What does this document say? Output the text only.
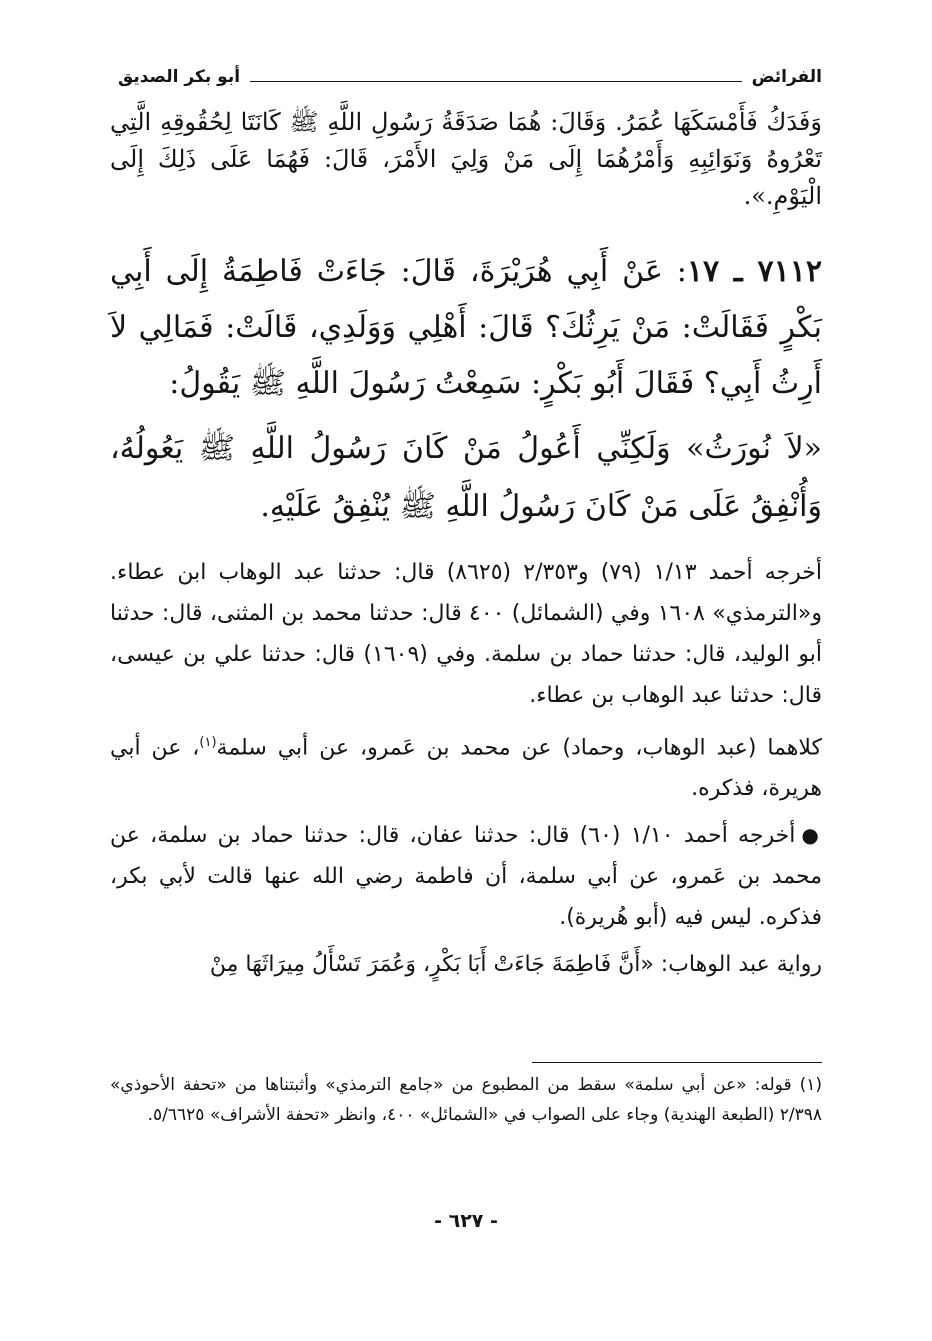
الفرائض
أبو بكر الصديق

وَفَدَكُ فَأَمْسَكَهَا عُمَرُ. وَقَالَ: هُمَا صَدَقَةُ رَسُولِ اللَّهِ ﷺ كَانَتَا لِحُقُوقِهِ الَّتِي تَعْرُوهُ وَنَوَائِبِهِ وَأَمْرُهُمَا إِلَى مَنْ وَلِيَ الأَمْرَ، قَالَ: فَهُمَا عَلَى ذَلِكَ إِلَى الْيَوْمِ.».

٧١١٢ ـ ١٧: عَنْ أَبِي هُرَيْرَةَ، قَالَ: جَاءَتْ فَاطِمَةُ إِلَى أَبِي بَكْرٍ فَقَالَتْ: مَنْ يَرِثُكَ؟ قَالَ: أَهْلِي وَوَلَدِي، قَالَتْ: فَمَالِي لاَ أَرِثُ أَبِي؟ فَقَالَ أَبُو بَكْرٍ: سَمِعْتُ رَسُولَ اللَّهِ ﷺ يَقُولُ:

«لاَ نُورَثُ» وَلَكِنِّي أَعُولُ مَنْ كَانَ رَسُولُ اللَّهِ ﷺ يَعُولُهُ، وَأُنْفِقُ عَلَى مَنْ كَانَ رَسُولُ اللَّهِ ﷺ يُنْفِقُ عَلَيْهِ.

أخرجه أحمد ١/١٣ (٧٩) و٢/٣٥٣ (٨٦٢٥) قال: حدثنا عبد الوهاب ابن عطاء. و«الترمذي» ١٦٠٨ وفي (الشمائل) ٤٠٠ قال: حدثنا محمد بن المثنى، قال: حدثنا أبو الوليد، قال: حدثنا حماد بن سلمة. وفي (١٦٠٩) قال: حدثنا علي بن عيسى، قال: حدثنا عبد الوهاب بن عطاء.

كلاهما (عبد الوهاب، وحماد) عن محمد بن عَمرو، عن أبي سلمة$^{(١)}$، عن أبي هريرة، فذكره.

●أخرجه أحمد ١/١٠ (٦٠) قال: حدثنا عفان، قال: حدثنا حماد بن سلمة، عن محمد بن عَمرو، عن أبي سلمة، أن فاطمة رضي الله عنها قالت لأبي بكر، فذكره. ليس فيه (أبو هُريرة).

رواية عبد الوهاب: «أَنَّ فَاطِمَةَ جَاءَتْ أَبَا بَكْرٍ، وَعُمَرَ تَسْأَلُ مِيرَاثَهَا مِنْ

(١) قوله: «عن أبي سلمة» سقط من المطبوع من «جامع الترمذي» وأثبتناها من «تحفة الأحوذي» ٢/٣٩٨ (الطبعة الهندية) وجاء على الصواب في «الشمائل» ٤٠٠، وانظر «تحفة الأشراف» ٥/٦٦٢٥.

- ٦٢٧ -
